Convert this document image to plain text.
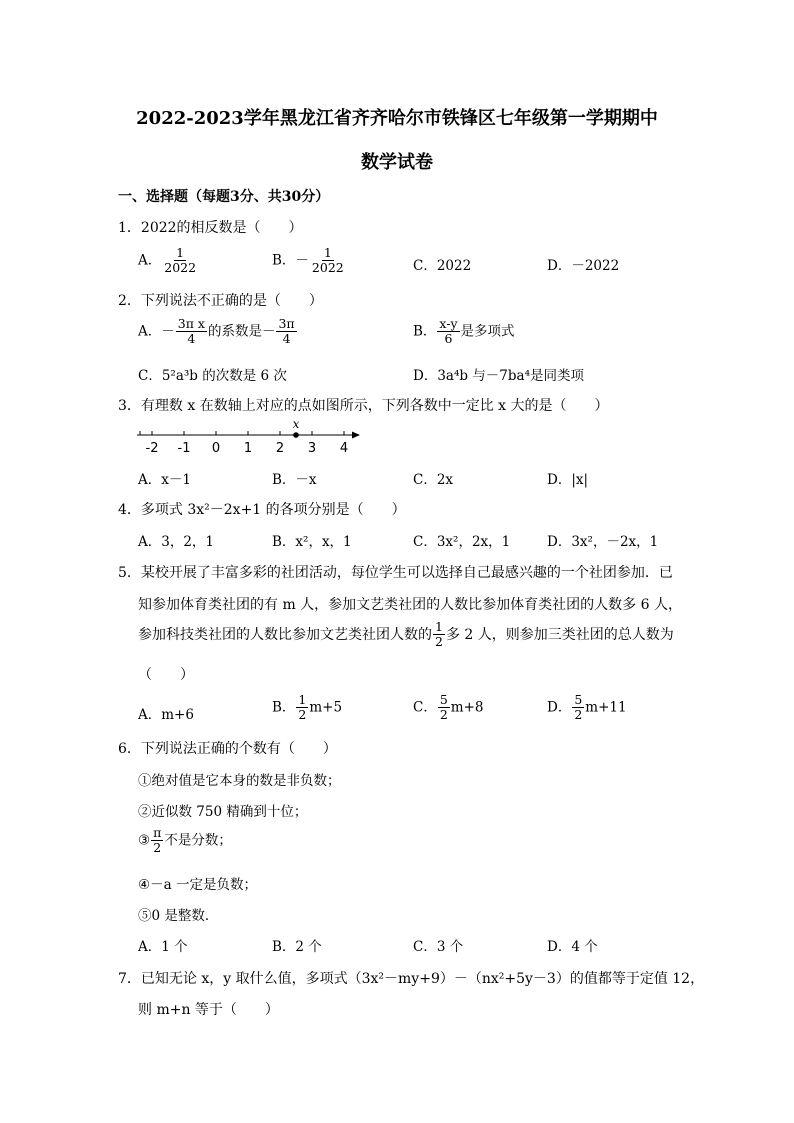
2022-2023学年黑龙江省齐齐哈尔市铁锋区七年级第一学期期中
数学试卷
一、选择题（每题3分、共30分）
1．2022的相反数是（　　）
A． $\frac{1}{2022}$	B．－ $\frac{1}{2022}$	C．2022	D．－2022
2．下列说法不正确的是（　　）
A．－ $\frac{\text{3π x}}{4}$ 的系数是－ $\frac{3\pi}{4}$	B． $\frac{x-y}{6}$ 是多项式
C．5²a³b 的次数是 6 次	D．3a⁴b 与－7ba⁴是同类项
3．有理数 x 在数轴上对应的点如图所示，下列各数中一定比 x 大的是（　　）
-2 -1 0 1 2 3 4
x
A．x－1	B．－x	C．2x	D．|x|
4．多项式 3x²－2x+1 的各项分别是（　　）
A．3，2，1	B．x²，x，1	C．3x²，2x，1	D．3x²，－2x，1
5．某校开展了丰富多彩的社团活动，每位学生可以选择自己最感兴趣的一个社团参加．已
知参加体育类社团的有 m 人，参加文艺类社团的人数比参加体育类社团的人数多 6 人，
参加科技类社团的人数比参加文艺类社团人数的 $\frac{1}{2}$ 多 2 人，则参加三类社团的总人数为
（　　）
A．m+6	B． $\frac{1}{2} m+5$	C． $\frac{5}{2} m+8$	D． $\frac{5}{2} m+11$
6．下列说法正确的个数有（　　）
①绝对值是它本身的数是非负数；
②近似数 750 精确到十位；
③ $\frac{\pi}{2}$ 不是分数；
④－a 一定是负数；
⑤0 是整数．
A．1 个	B．2 个	C．3 个	D．4 个
7．已知无论 x，y 取什么值，多项式（3x²－my+9）－（nx²+5y－3）的值都等于定值 12，
则 m+n 等于（　　）
